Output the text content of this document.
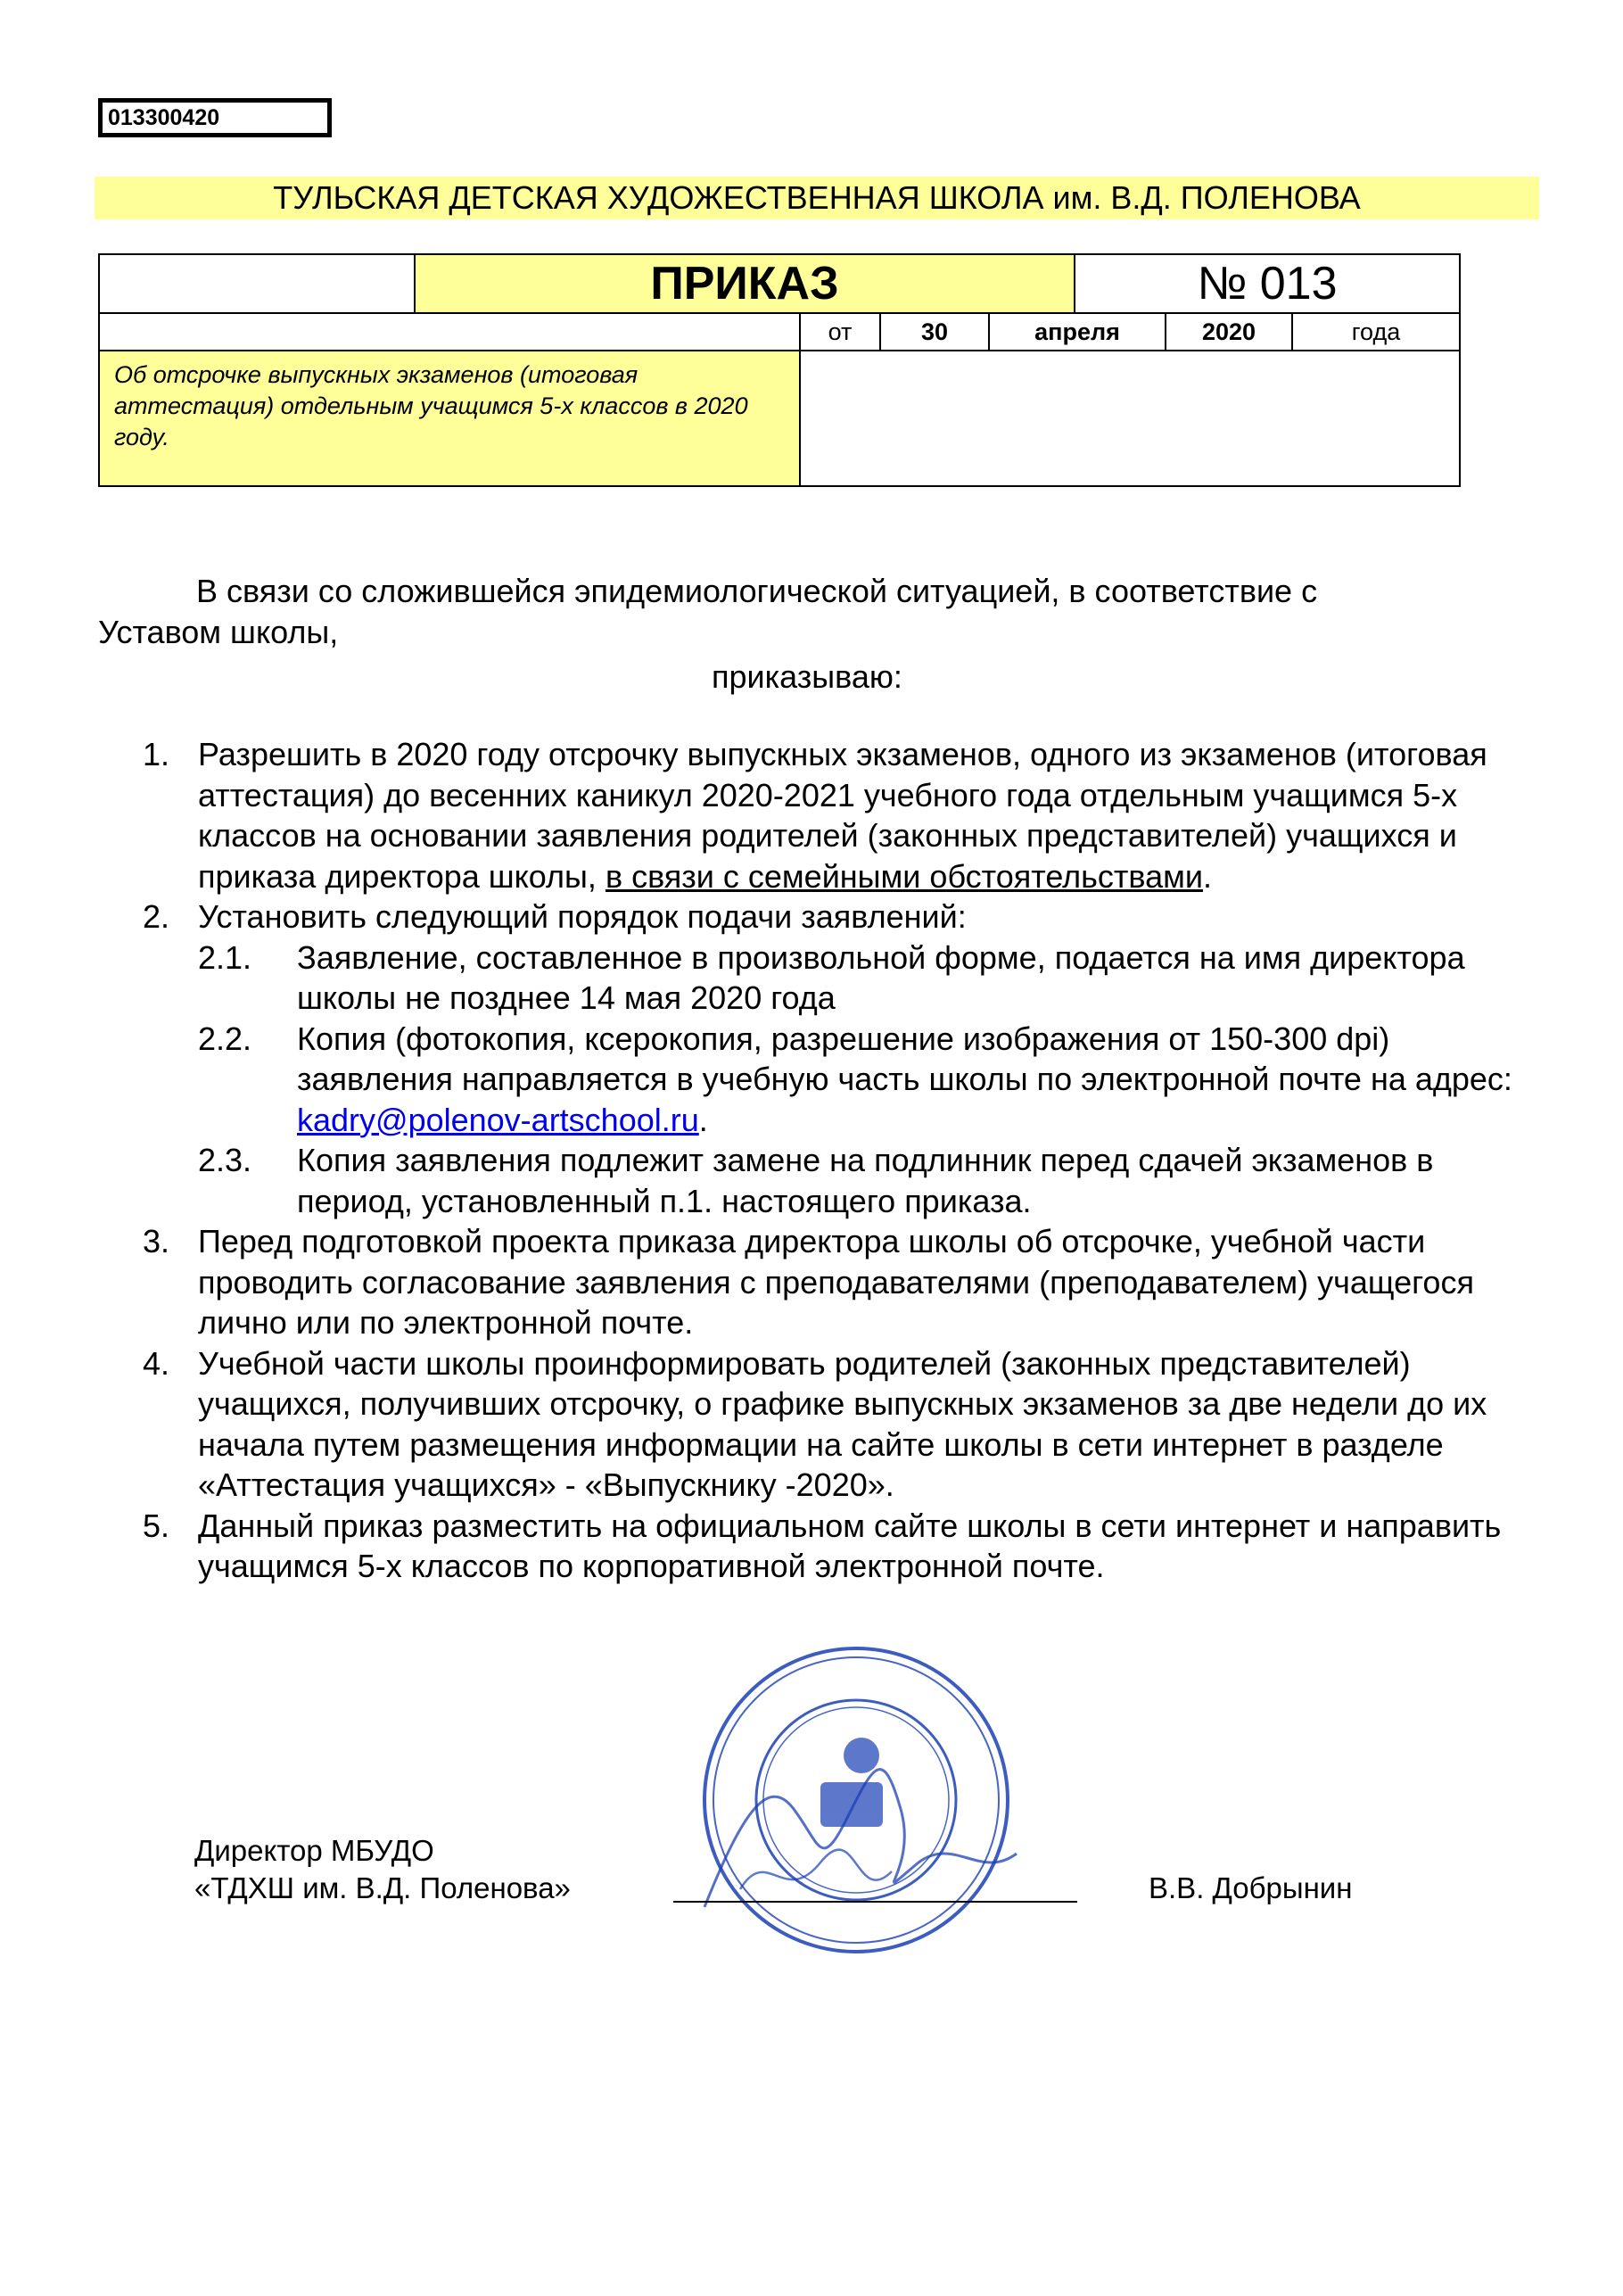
013300420
ТУЛЬСКАЯ ДЕТСКАЯ ХУДОЖЕСТВЕННАЯ ШКОЛА им. В.Д. ПОЛЕНОВА
ПРИКАЗ	№ 013
от	30	апреля	2020	года
Об отсрочке выпускных экзаменов (итоговая аттестация) отдельным учащимся 5-х классов в 2020 году.
В связи со сложившейся эпидемиологической ситуацией, в соответствие с
Уставом школы,
приказываю:
1. Разрешить в 2020 году отсрочку выпускных экзаменов, одного из экзаменов (итоговая аттестация) до весенних каникул 2020-2021 учебного года отдельным учащимся 5-х классов на основании заявления родителей (законных представителей) учащихся и приказа директора школы, в связи с семейными обстоятельствами.
2. Установить следующий порядок подачи заявлений:
2.1. Заявление, составленное в произвольной форме, подается на имя директора школы не позднее 14 мая 2020 года
2.2. Копия (фотокопия, ксерокопия, разрешение изображения от 150-300 dpi) заявления направляется в учебную часть школы по электронной почте на адрес: kadry@polenov-artschool.ru.
2.3. Копия заявления подлежит замене на подлинник перед сдачей экзаменов в период, установленный п.1. настоящего приказа.
3. Перед подготовкой проекта приказа директора школы об отсрочке, учебной части проводить согласование заявления с преподавателями (преподавателем) учащегося лично или по электронной почте.
4. Учебной части школы проинформировать родителей (законных представителей) учащихся, получивших отсрочку, о графике выпускных экзаменов за две недели до их начала путем размещения информации на сайте школы в сети интернет в разделе «Аттестация учащихся» - «Выпускнику -2020».
5. Данный приказ разместить на официальном сайте школы в сети интернет и направить учащимся 5-х классов по корпоративной электронной почте.
Директор МБУДО
«ТДХШ им. В.Д. Поленова»	В.В. Добрынин
